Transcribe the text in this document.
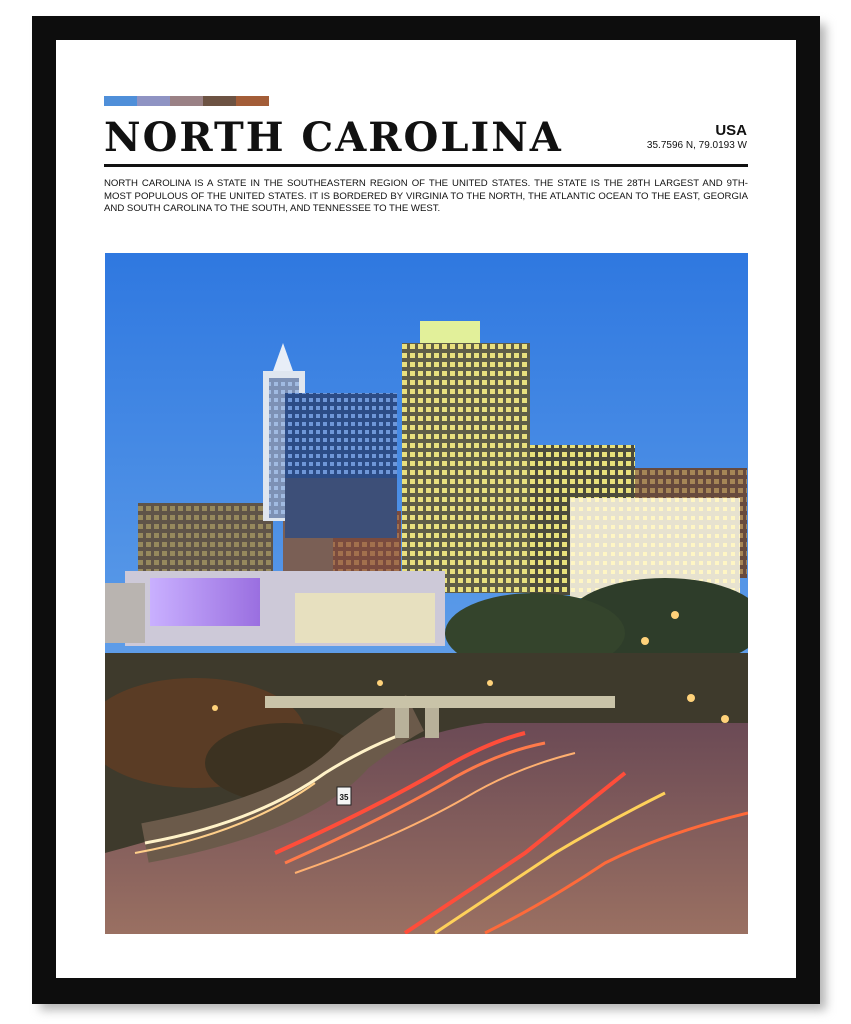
NORTH CAROLINA	USA
35.7596 N, 79.0193 W
NORTH CAROLINA IS A STATE IN THE SOUTHEASTERN REGION OF THE UNITED STATES. THE STATE IS THE 28TH LARGEST AND 9TH-MOST POPULOUS OF THE UNITED STATES. IT IS BORDERED BY VIRGINIA TO THE NORTH, THE ATLANTIC OCEAN TO THE EAST, GEORGIA AND SOUTH CAROLINA TO THE SOUTH, AND TENNESSEE TO THE WEST.
35
